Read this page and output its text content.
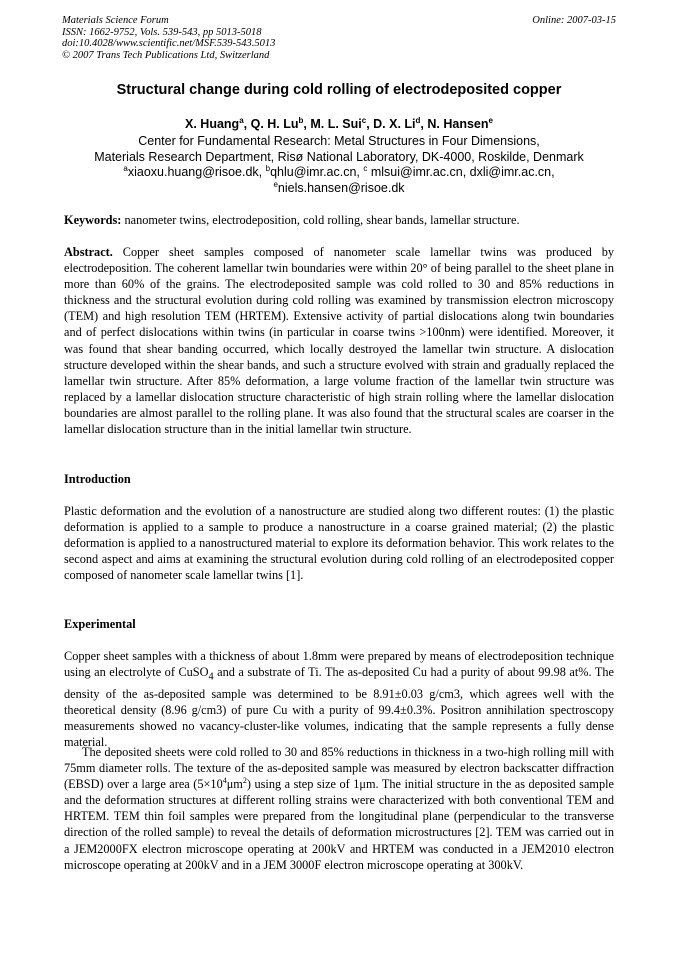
Materials Science Forum
ISSN: 1662-9752, Vols. 539-543, pp 5013-5018
doi:10.4028/www.scientific.net/MSF.539-543.5013
© 2007 Trans Tech Publications Ltd, Switzerland
Online: 2007-03-15
Structural change during cold rolling of electrodeposited copper
X. Huang$^a$, Q. H. Lu$^b$, M. L. Sui$^c$, D. X. Li$^d$, N. Hansen$^e$
Center for Fundamental Research: Metal Structures in Four Dimensions,
Materials Research Department, Risø National Laboratory, DK-4000, Roskilde, Denmark
$^a$xiaoxu.huang@risoe.dk, $^b$qhlu@imr.ac.cn, $^c$ mlsui@imr.ac.cn, dxli@imr.ac.cn,
$^e$niels.hansen@risoe.dk
Keywords: nanometer twins, electrodeposition, cold rolling, shear bands, lamellar structure.
Abstract. Copper sheet samples composed of nanometer scale lamellar twins was produced by electrodeposition. The coherent lamellar twin boundaries were within 20° of being parallel to the sheet plane in more than 60% of the grains. The electrodeposited sample was cold rolled to 30 and 85% reductions in thickness and the structural evolution during cold rolling was examined by transmission electron microscopy (TEM) and high resolution TEM (HRTEM). Extensive activity of partial dislocations along twin boundaries and of perfect dislocations within twins (in particular in coarse twins >100nm) were identified. Moreover, it was found that shear banding occurred, which locally destroyed the lamellar twin structure. A dislocation structure developed within the shear bands, and such a structure evolved with strain and gradually replaced the lamellar twin structure. After 85% deformation, a large volume fraction of the lamellar twin structure was replaced by a lamellar dislocation structure characteristic of high strain rolling where the lamellar dislocation boundaries are almost parallel to the rolling plane. It was also found that the structural scales are coarser in the lamellar dislocation structure than in the initial lamellar twin structure.
Introduction
Plastic deformation and the evolution of a nanostructure are studied along two different routes: (1) the plastic deformation is applied to a sample to produce a nanostructure in a coarse grained material; (2) the plastic deformation is applied to a nanostructured material to explore its deformation behavior. This work relates to the second aspect and aims at examining the structural evolution during cold rolling of an electrodeposited copper composed of nanometer scale lamellar twins [1].
Experimental
Copper sheet samples with a thickness of about 1.8mm were prepared by means of electrodeposition technique using an electrolyte of CuSO$_4$ and a substrate of Ti. The as-deposited Cu had a purity of about 99.98 at%. The density of the as-deposited sample was determined to be 8.91±0.03 g/cm3, which agrees well with the theoretical density (8.96 g/cm3) of pure Cu with a purity of 99.4±0.3%. Positron annihilation spectroscopy measurements showed no vacancy-cluster-like volumes, indicating that the sample represents a fully dense material.
The deposited sheets were cold rolled to 30 and 85% reductions in thickness in a two-high rolling mill with 75mm diameter rolls. The texture of the as-deposited sample was measured by electron backscatter diffraction (EBSD) over a large area $(5\times 10^4\mu m^2)$ using a step size of 1μm. The initial structure in the as deposited sample and the deformation structures at different rolling strains were characterized with both conventional TEM and HRTEM. TEM thin foil samples were prepared from the longitudinal plane (perpendicular to the transverse direction of the rolled sample) to reveal the details of deformation microstructures [2]. TEM was carried out in a JEM2000FX electron microscope operating at 200kV and HRTEM was conducted in a JEM2010 electron microscope operating at 200kV and in a JEM 3000F electron microscope operating at 300kV.
